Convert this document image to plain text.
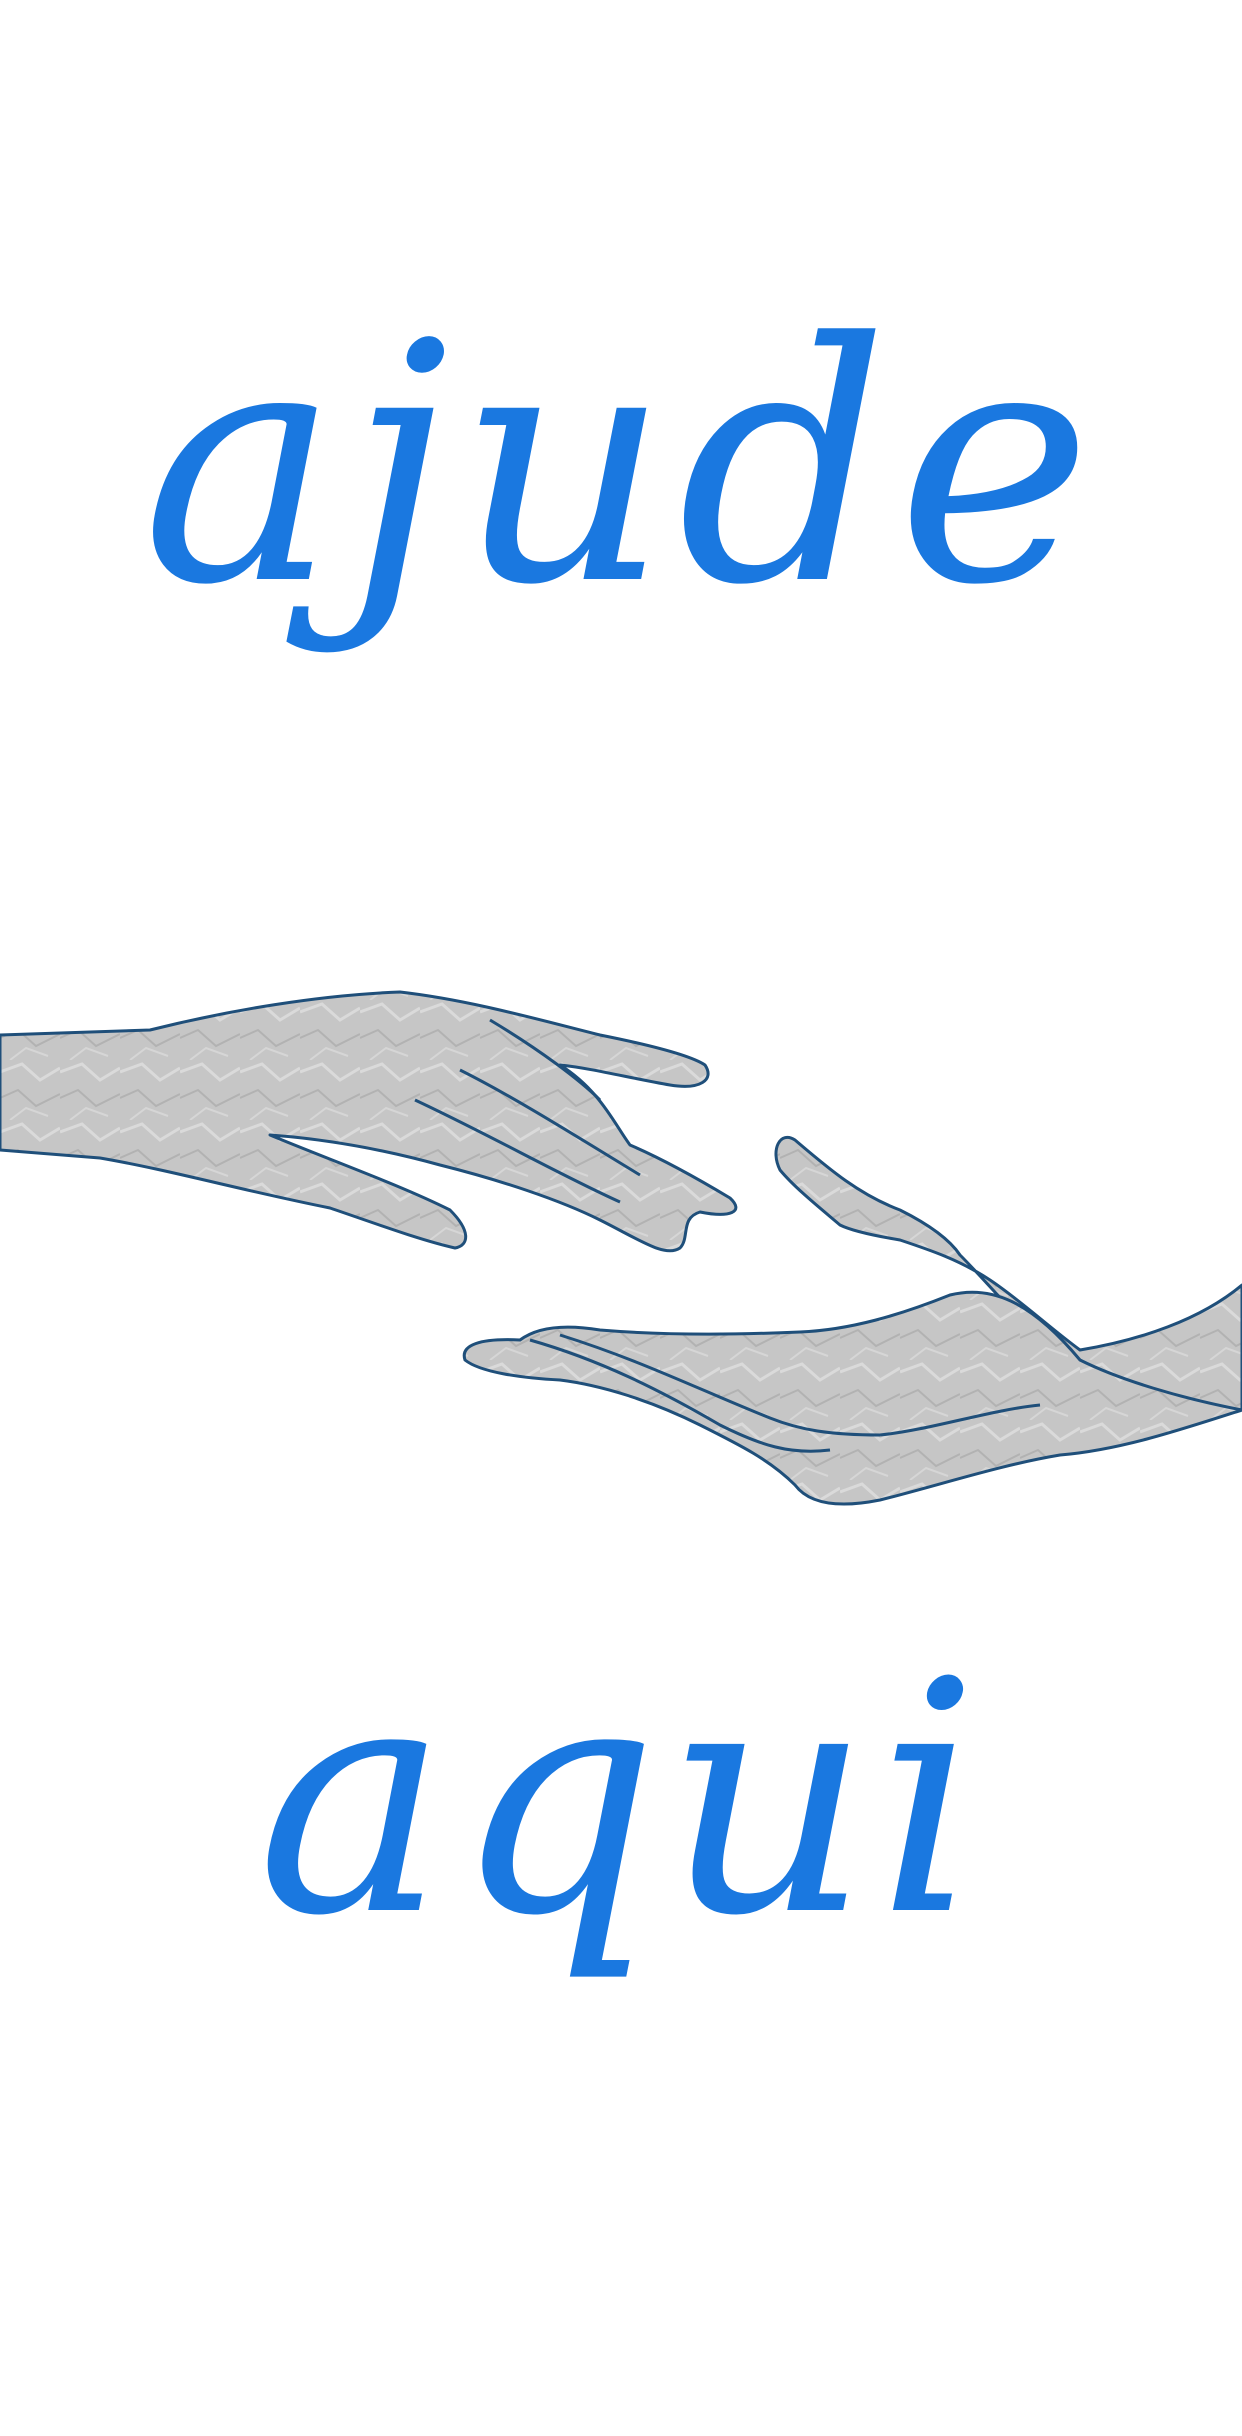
ajude
aqui
